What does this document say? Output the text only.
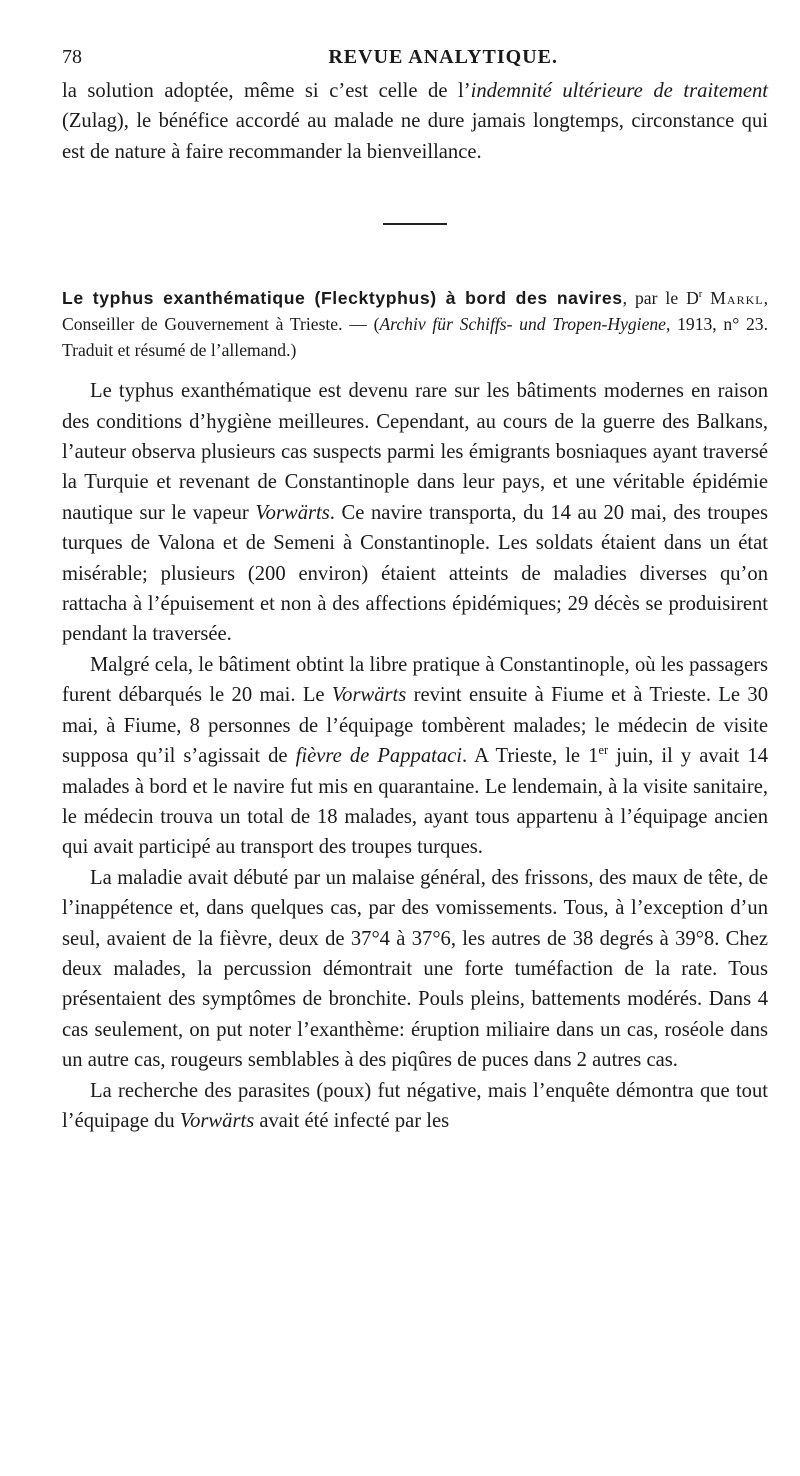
78	REVUE ANALYTIQUE.

la solution adoptée, même si c’est celle de l’indemnité ultérieure de traitement (Zulag), le bénéfice accordé au malade ne dure jamais longtemps, circonstance qui est de nature à faire recommander la bienveillance.

Le typhus exanthématique (Flecktyphus) à bord des navires, par le $D^r$ Markl, Conseiller de Gouvernement à Trieste. — (Archiv für Schiffs- und Tropen-Hygiene, 1913, n° 23. Traduit et résumé de l’allemand.)

Le typhus exanthématique est devenu rare sur les bâtiments modernes en raison des conditions d’hygiène meilleures. Cependant, au cours de la guerre des Balkans, l’auteur observa plusieurs cas suspects parmi les émigrants bosniaques ayant traversé la Turquie et revenant de Constantinople dans leur pays, et une véritable épidémie nautique sur le vapeur Vorwärts. Ce navire transporta, du 14 au 20 mai, des troupes turques de Valona et de Semeni à Constantinople. Les soldats étaient dans un état misérable; plusieurs (200 environ) étaient atteints de maladies diverses qu’on rattacha à l’épuisement et non à des affections épidémiques; 29 décès se produisirent pendant la traversée.

Malgré cela, le bâtiment obtint la libre pratique à Constantinople, où les passagers furent débarqués le 20 mai. Le Vorwärts revint ensuite à Fiume et à Trieste. Le 30 mai, à Fiume, 8 personnes de l’équipage tombèrent malades; le médecin de visite supposa qu’il s’agissait de fièvre de Pappataci. A Trieste, le 1er juin, il y avait 14 malades à bord et le navire fut mis en quarantaine. Le lendemain, à la visite sanitaire, le médecin trouva un total de 18 malades, ayant tous appartenu à l’équipage ancien qui avait participé au transport des troupes turques.

La maladie avait débuté par un malaise général, des frissons, des maux de tête, de l’inappétence et, dans quelques cas, par des vomissements. Tous, à l’exception d’un seul, avaient de la fièvre, deux de 37°4 à 37°6, les autres de 38 degrés à 39°8. Chez deux malades, la percussion démontrait une forte tuméfaction de la rate. Tous présentaient des symptômes de bronchite. Pouls pleins, battements modérés. Dans 4 cas seulement, on put noter l’exanthème: éruption miliaire dans un cas, roséole dans un autre cas, rougeurs semblables à des piqûres de puces dans 2 autres cas.

La recherche des parasites (poux) fut négative, mais l’enquête démontra que tout l’équipage du Vorwärts avait été infecté par les
